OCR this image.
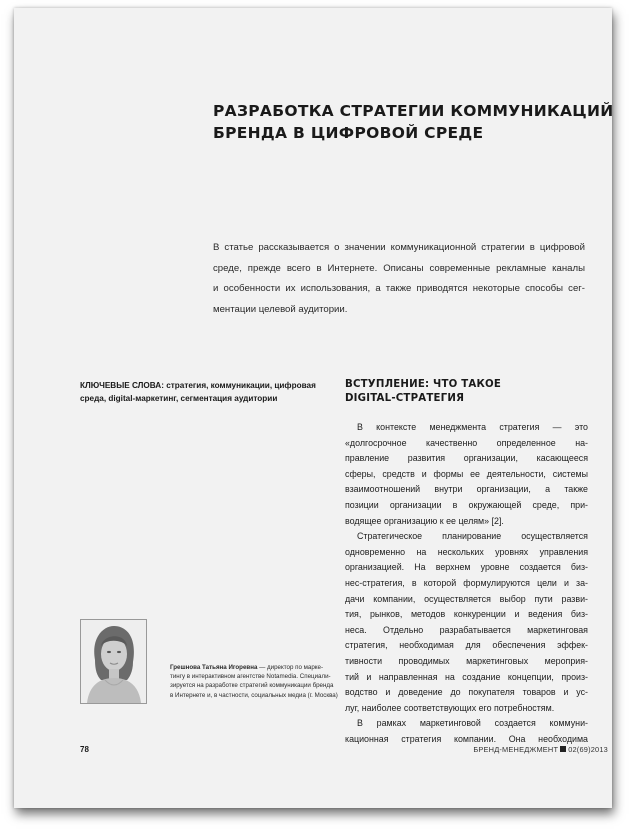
РАЗРАБОТКА СТРАТЕГИИ КОММУНИКАЦИЙ
БРЕНДА В ЦИФРОВОЙ СРЕДЕ
В статье рассказывается о значении коммуникационной стратегии в цифровой
среде, прежде всего в Интернете. Описаны современные рекламные каналы
и особенности их использования, а также приводятся некоторые способы сег-
ментации целевой аудитории.
КЛЮЧЕВЫЕ СЛОВА: стратегия, коммуникации, цифровая
среда, digital-маркетинг, сегментация аудитории
ВСТУПЛЕНИЕ: ЧТО ТАКОЕ
DIGITAL-СТРАТЕГИЯ
В контексте менеджмента стратегия — это
«долгосрочное качественно определенное на-
правление развития организации, касающееся
сферы, средств и формы ее деятельности, системы
взаимоотношений внутри организации, а также
позиции организации в окружающей среде, при-
водящее организацию к ее целям» [2].
Стратегическое планирование осуществляется
одновременно на нескольких уровнях управления
организацией. На верхнем уровне создается биз-
нес-стратегия, в которой формулируются цели и за-
дачи компании, осуществляется выбор пути разви-
тия, рынков, методов конкуренции и ведения биз-
неса. Отдельно разрабатывается маркетинговая
стратегия, необходимая для обеспечения эффек-
тивности проводимых маркетинговых мероприя-
тий и направленная на создание концепции, произ-
водство и доведение до покупателя товаров и ус-
луг, наиболее соответствующих его потребностям.
В рамках маркетинговой создается коммуни-
кационная стратегия компании. Она необходима
Грешнова Татьяна Игоревна — директор по марке-
тингу в интерактивном агентстве Notamedia. Специали-
зируется на разработке стратегий коммуникации бренда
в Интернете и, в частности, социальных медиа (г. Москва)
78	БРЕНД-МЕНЕДЖМЕНТ 02(69)2013
